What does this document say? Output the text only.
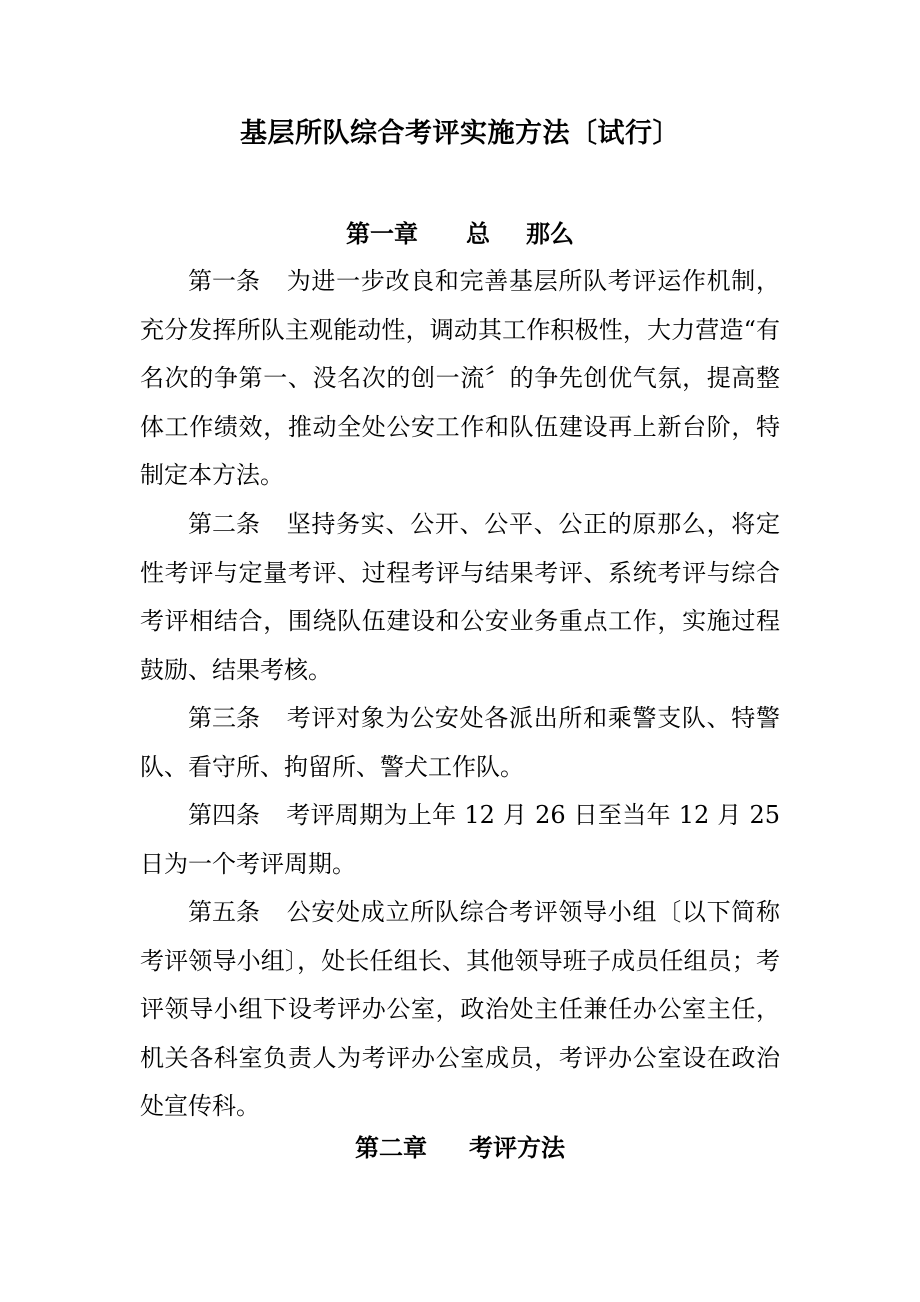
基层所队综合考评实施方法〔试行〕
第一章 总 那么
第一条 为进一步改良和完善基层所队考评运作机制，充分发挥所队主观能动性，调动其工作积极性，大力营造“有名次的争第一、没名次的创一流〞的争先创优气氛，提高整体工作绩效，推动全处公安工作和队伍建设再上新台阶，特制定本方法。
第二条 坚持务实、公开、公平、公正的原那么，将定性考评与定量考评、过程考评与结果考评、系统考评与综合考评相结合，围绕队伍建设和公安业务重点工作，实施过程鼓励、结果考核。
第三条 考评对象为公安处各派出所和乘警支队、特警队、看守所、拘留所、警犬工作队。
第四条 考评周期为上年 12 月 26 日至当年 12 月 25 日为一个考评周期。
第五条 公安处成立所队综合考评领导小组〔以下简称考评领导小组〕，处长任组长、其他领导班子成员任组员；考评领导小组下设考评办公室，政治处主任兼任办公室主任，机关各科室负责人为考评办公室成员，考评办公室设在政治处宣传科。
第二章 考评方法
